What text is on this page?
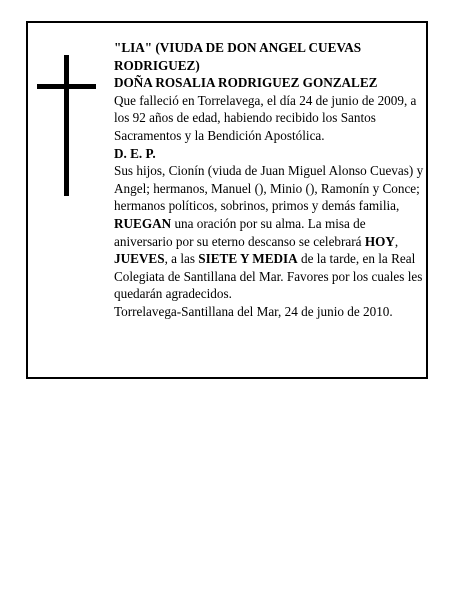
"LIA" (VIUDA DE DON ANGEL CUEVAS RODRIGUEZ)

DOÑA ROSALIA RODRIGUEZ GONZALEZ

Que falleció en Torrelavega, el día 24 de junio de 2009, a los 92 años de edad, habiendo recibido los Santos Sacramentos y la Bendición Apostólica.

D. E. P.

Sus hijos, Cionín (viuda de Juan Miguel Alonso Cuevas) y Angel; hermanos, Manuel (), Minio (), Ramonín y Conce; hermanos políticos, sobrinos, primos y demás familia,

RUEGAN una oración por su alma. La misa de aniversario por su eterno descanso se celebrará HOY, JUEVES, a las SIETE Y MEDIA de la tarde, en la Real Colegiata de Santillana del Mar. Favores por los cuales les quedarán agradecidos.

Torrelavega-Santillana del Mar, 24 de junio de 2010.
